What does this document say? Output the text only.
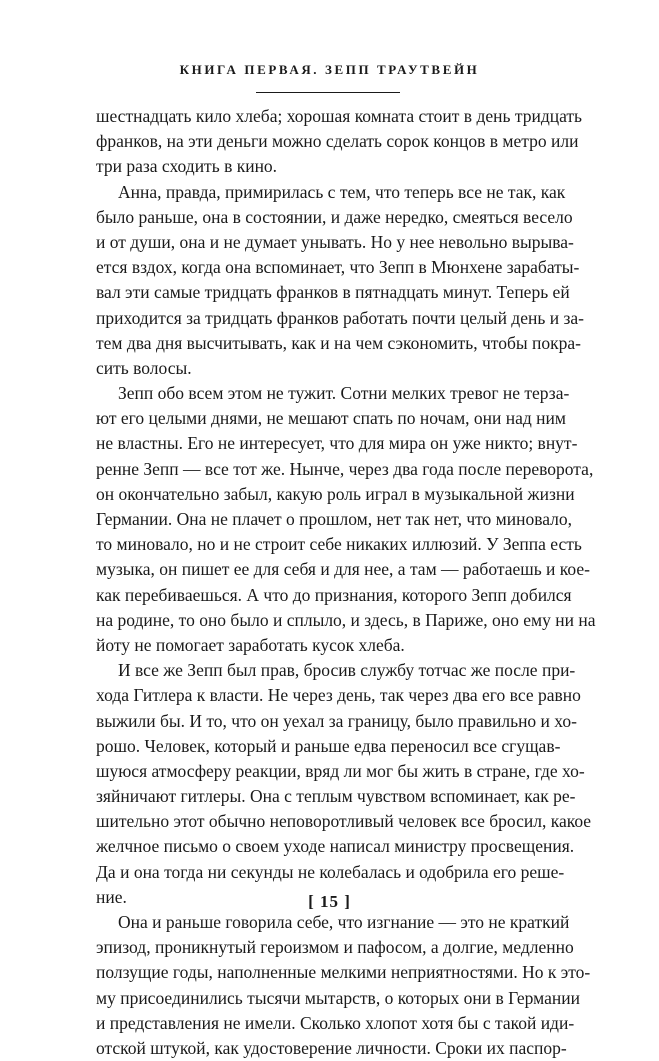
КНИГА ПЕРВАЯ. ЗЕПП ТРАУТВЕЙН
шестнадцать кило хлеба; хорошая комната стоит в день тридцать
франков, на эти деньги можно сделать сорок концов в метро или
три раза сходить в кино.
Анна, правда, примирилась с тем, что теперь все не так, как
было раньше, она в состоянии, и даже нередко, смеяться весело
и от души, она и не думает унывать. Но у нее невольно вырыва-
ется вздох, когда она вспоминает, что Зепп в Мюнхене зарабаты-
вал эти самые тридцать франков в пятнадцать минут. Теперь ей
приходится за тридцать франков работать почти целый день и за-
тем два дня высчитывать, как и на чем сэкономить, чтобы покра-
сить волосы.
Зепп обо всем этом не тужит. Сотни мелких тревог не терза-
ют его целыми днями, не мешают спать по ночам, они над ним
не властны. Его не интересует, что для мира он уже никто; внут-
ренне Зепп — все тот же. Нынче, через два года после переворота,
он окончательно забыл, какую роль играл в музыкальной жизни
Германии. Она не плачет о прошлом, нет так нет, что миновало,
то миновало, но и не строит себе никаких иллюзий. У Зеппа есть
музыка, он пишет ее для себя и для нее, а там — работаешь и кое-
как перебиваешься. А что до признания, которого Зепп добился
на родине, то оно было и сплыло, и здесь, в Париже, оно ему ни на
йоту не помогает заработать кусок хлеба.
И все же Зепп был прав, бросив службу тотчас же после при-
хода Гитлера к власти. Не через день, так через два его все равно
выжили бы. И то, что он уехал за границу, было правильно и хо-
рошо. Человек, который и раньше едва переносил все сгущав-
шуюся атмосферу реакции, вряд ли мог бы жить в стране, где хо-
зяйничают гитлеры. Она с теплым чувством вспоминает, как ре-
шительно этот обычно неповоротливый человек все бросил, какое
желчное письмо о своем уходе написал министру просвещения.
Да и она тогда ни секунды не колебалась и одобрила его реше-
ние.
Она и раньше говорила себе, что изгнание — это не краткий
эпизод, проникнутый героизмом и пафосом, а долгие, медленно
ползущие годы, наполненные мелкими неприятностями. Но к это-
му присоединились тысячи мытарств, о которых они в Германии
и представления не имели. Сколько хлопот хотя бы с такой иди-
отской штукой, как удостоверение личности. Сроки их паспор-
[ 15 ]
